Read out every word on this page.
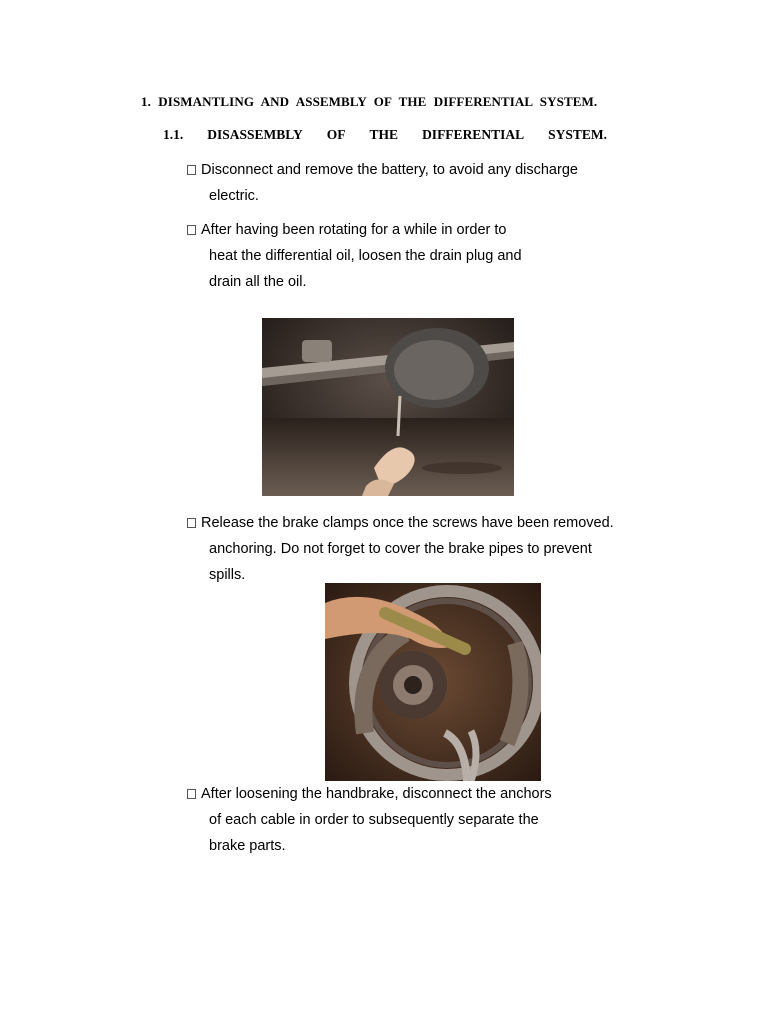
1. DISMANTLING AND ASSEMBLY OF THE DIFFERENTIAL SYSTEM.
1.1. DISASSEMBLY OF THE DIFFERENTIAL SYSTEM.
Disconnect and remove the battery, to avoid any discharge
electric.
After having been rotating for a while in order to
heat the differential oil, loosen the drain plug and
drain all the oil.
Release the brake clamps once the screws have been removed.
anchoring. Do not forget to cover the brake pipes to prevent
spills.
After loosening the handbrake, disconnect the anchors
of each cable in order to subsequently separate the
brake parts.
